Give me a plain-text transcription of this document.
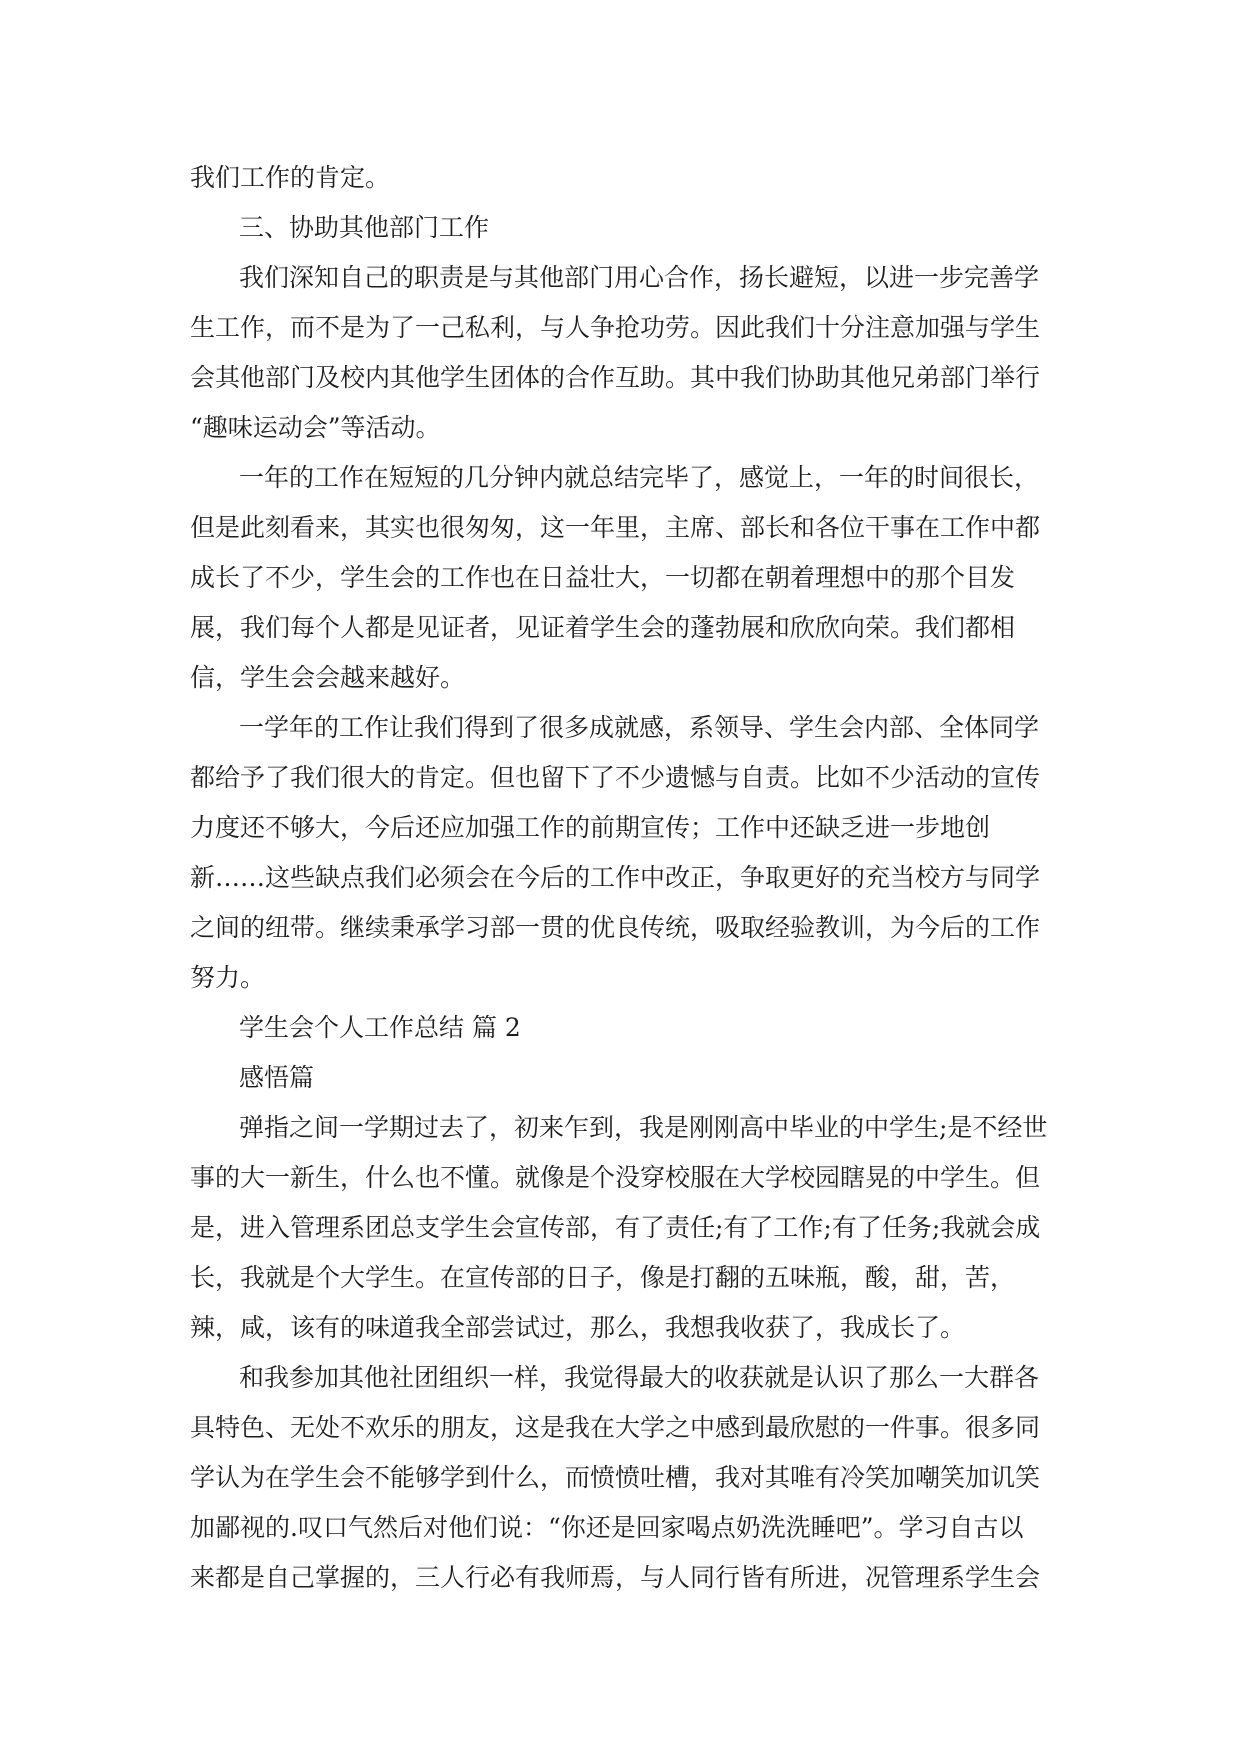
我们工作的肯定。
三、协助其他部门工作
我们深知自己的职责是与其他部门用心合作，扬长避短，以进一步完善学
生工作，而不是为了一己私利，与人争抢功劳。因此我们十分注意加强与学生
会其他部门及校内其他学生团体的合作互助。其中我们协助其他兄弟部门举行
“趣味运动会”等活动。
一年的工作在短短的几分钟内就总结完毕了，感觉上，一年的时间很长，
但是此刻看来，其实也很匆匆，这一年里，主席、部长和各位干事在工作中都
成长了不少，学生会的工作也在日益壮大，一切都在朝着理想中的那个目发
展，我们每个人都是见证者，见证着学生会的蓬勃展和欣欣向荣。我们都相
信，学生会会越来越好。
一学年的工作让我们得到了很多成就感，系领导、学生会内部、全体同学
都给予了我们很大的肯定。但也留下了不少遗憾与自责。比如不少活动的宣传
力度还不够大，今后还应加强工作的前期宣传；工作中还缺乏进一步地创
新……这些缺点我们必须会在今后的工作中改正，争取更好的充当校方与同学
之间的纽带。继续秉承学习部一贯的优良传统，吸取经验教训，为今后的工作
努力。
学生会个人工作总结 篇 2
感悟篇
弹指之间一学期过去了，初来乍到，我是刚刚高中毕业的中学生;是不经世
事的大一新生，什么也不懂。就像是个没穿校服在大学校园瞎晃的中学生。但
是，进入管理系团总支学生会宣传部，有了责任;有了工作;有了任务;我就会成
长，我就是个大学生。在宣传部的日子，像是打翻的五味瓶，酸，甜，苦，
辣，咸，该有的味道我全部尝试过，那么，我想我收获了，我成长了。
和我参加其他社团组织一样，我觉得最大的收获就是认识了那么一大群各
具特色、无处不欢乐的朋友，这是我在大学之中感到最欣慰的一件事。很多同
学认为在学生会不能够学到什么，而愤愤吐槽，我对其唯有冷笑加嘲笑加讥笑
加鄙视的.叹口气然后对他们说：“你还是回家喝点奶洗洗睡吧”。学习自古以
来都是自己掌握的，三人行必有我师焉，与人同行皆有所进，况管理系学生会
